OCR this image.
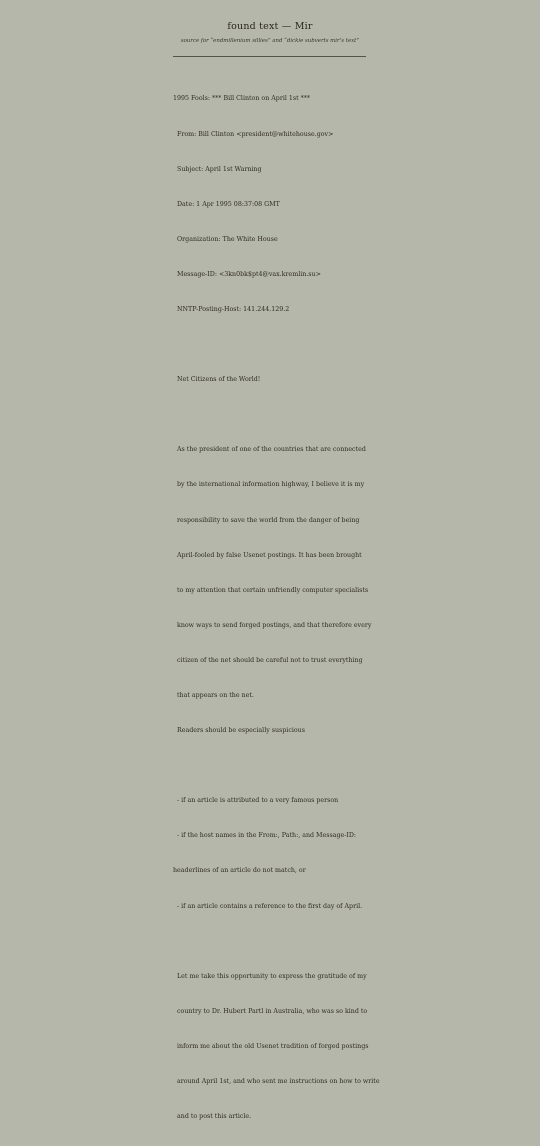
found text — Mir

source for “endmillenium sillies” and “dickie subverts mir’s text”

1995 Fools: *** Bill Clinton on April 1st ***

From: Bill Clinton <president@whitehouse.gov>

Subject: April 1st Warning

Date: 1 Apr 1995 08:37:08 GMT

Organization: The White House

Message-ID: <3kn0bk$pt4@vax.kremlin.su>

NNTP-Posting-Host: 141.244.129.2

Net Citizens of the World!

As the president of one of the countries that are connected

by the international information highway, I believe it is my

responsibility to save the world from the danger of being

April-fooled by false Usenet postings. It has been brought

to my attention that certain unfriendly computer specialists

know ways to send forged postings, and that therefore every

citizen of the net should be careful not to trust everything

that appears on the net.

Readers should be especially suspicious

- if an article is attributed to a very famous person

- if the host names in the From:, Path:, and Message-ID:

headerlines of an article do not match, or

- if an article contains a reference to the first day of April.

Let me take this opportunity to express the gratitude of my

country to Dr. Hubert Partl in Australia, who was so kind to

inform me about the old Usenet tradition of forged postings

around April 1st, and who sent me instructions on how to write

and to post this article.
